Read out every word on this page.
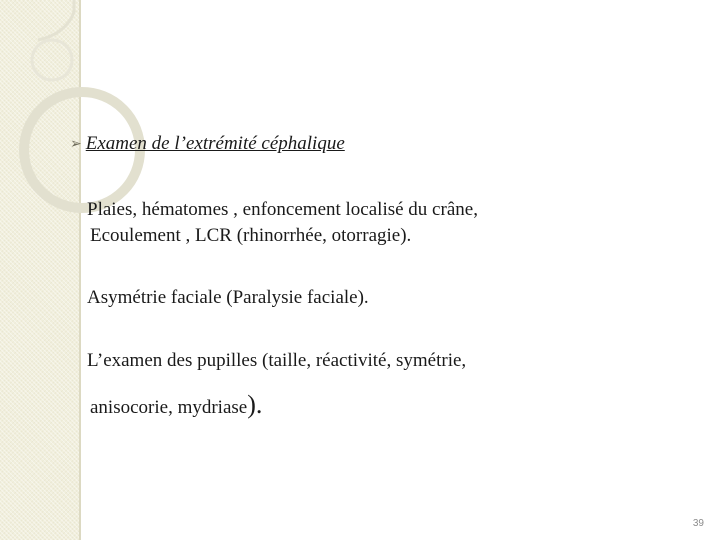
➢ Examen de l’extrémité céphalique
Plaies, hématomes , enfoncement localisé du crâne,
Ecoulement , LCR (rhinorrhée, otorragie).
Asymétrie faciale (Paralysie faciale).
L’examen des pupilles (taille, réactivité, symétrie,
anisocorie, mydriase).
39
